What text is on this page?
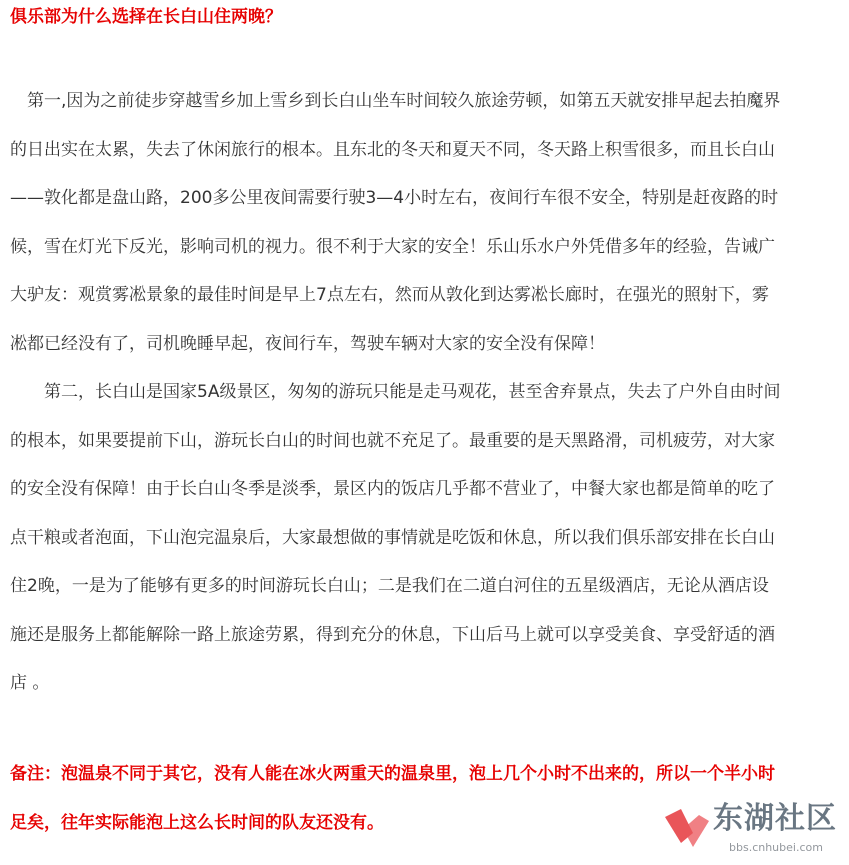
俱乐部为什么选择在长白山住两晚？
　第一,因为之前徒步穿越雪乡加上雪乡到长白山坐车时间较久旅途劳顿，如第五天就安排早起去拍魔界
的日出实在太累，失去了休闲旅行的根本。且东北的冬天和夏天不同，冬天路上积雪很多，而且长白山
——敦化都是盘山路，200多公里夜间需要行驶3—4小时左右，夜间行车很不安全，特别是赶夜路的时
候，雪在灯光下反光，影响司机的视力。很不利于大家的安全！乐山乐水户外凭借多年的经验，告诫广
大驴友：观赏雾凇景象的最佳时间是早上7点左右，然而从敦化到达雾凇长廊时，在强光的照射下，雾
凇都已经没有了，司机晚睡早起，夜间行车，驾驶车辆对大家的安全没有保障！
　　第二，长白山是国家5A级景区，匆匆的游玩只能是走马观花，甚至舍弃景点，失去了户外自由时间
的根本，如果要提前下山，游玩长白山的时间也就不充足了。最重要的是天黑路滑，司机疲劳，对大家
的安全没有保障！由于长白山冬季是淡季，景区内的饭店几乎都不营业了，中餐大家也都是简单的吃了
点干粮或者泡面，下山泡完温泉后，大家最想做的事情就是吃饭和休息，所以我们俱乐部安排在长白山
住2晚，一是为了能够有更多的时间游玩长白山；二是我们在二道白河住的五星级酒店，无论从酒店设
施还是服务上都能解除一路上旅途劳累，得到充分的休息，下山后马上就可以享受美食、享受舒适的酒
店 。
备注：泡温泉不同于其它，没有人能在冰火两重天的温泉里，泡上几个小时不出来的，所以一个半小时
足矣，往年实际能泡上这么长时间的队友还没有。	东湖社区
bbs.cnhubei.com
